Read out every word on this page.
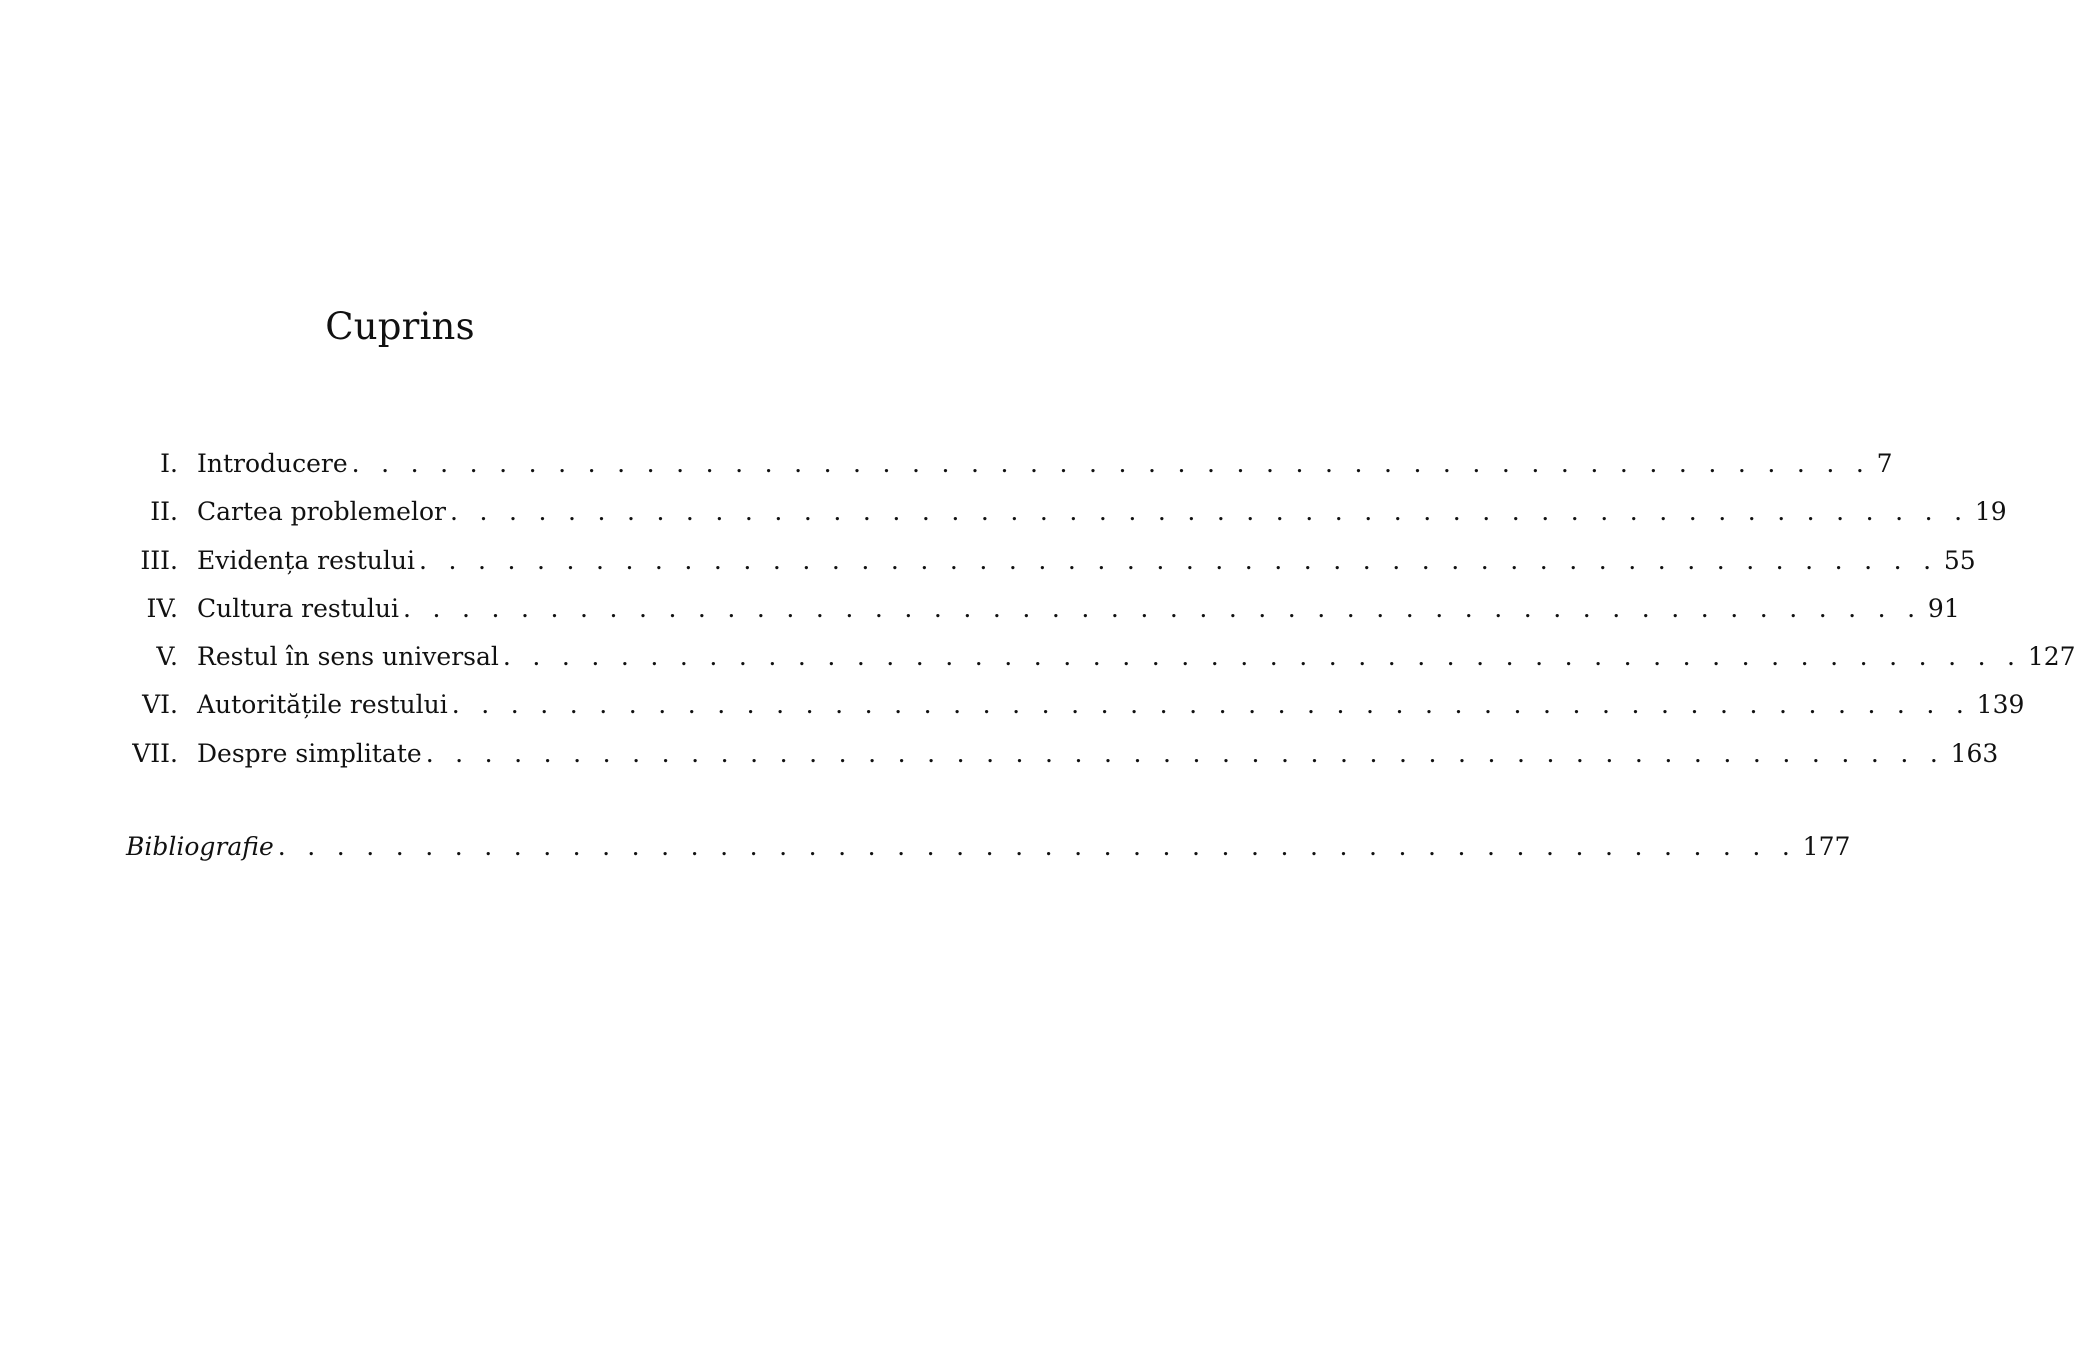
Cuprins
I. Introducere . . . . . . . . . . . . . . . . . . . . . . . . . . . . . . . . . . . . . . . . . . . . . . . . . . . . 7
II. Cartea problemelor . . . . . . . . . . . . . . . . . . . . . . . . . . . . . . . . . . . . . . . . . . . . . . . . . . . . 19
III. Evidența restului . . . . . . . . . . . . . . . . . . . . . . . . . . . . . . . . . . . . . . . . . . . . . . . . . . . . 55
IV. Cultura restului . . . . . . . . . . . . . . . . . . . . . . . . . . . . . . . . . . . . . . . . . . . . . . . . . . . . 91
V. Restul în sens universal . . . . . . . . . . . . . . . . . . . . . . . . . . . . . . . . . . . . . . . . . . . . . . . . . . . . 127
VI. Autoritățile restului . . . . . . . . . . . . . . . . . . . . . . . . . . . . . . . . . . . . . . . . . . . . . . . . . . . . 139
VII. Despre simplitate . . . . . . . . . . . . . . . . . . . . . . . . . . . . . . . . . . . . . . . . . . . . . . . . . . . . 163
Bibliografie . . . . . . . . . . . . . . . . . . . . . . . . . . . . . . . . . . . . . . . . . . . . . . . . . . . . 177
